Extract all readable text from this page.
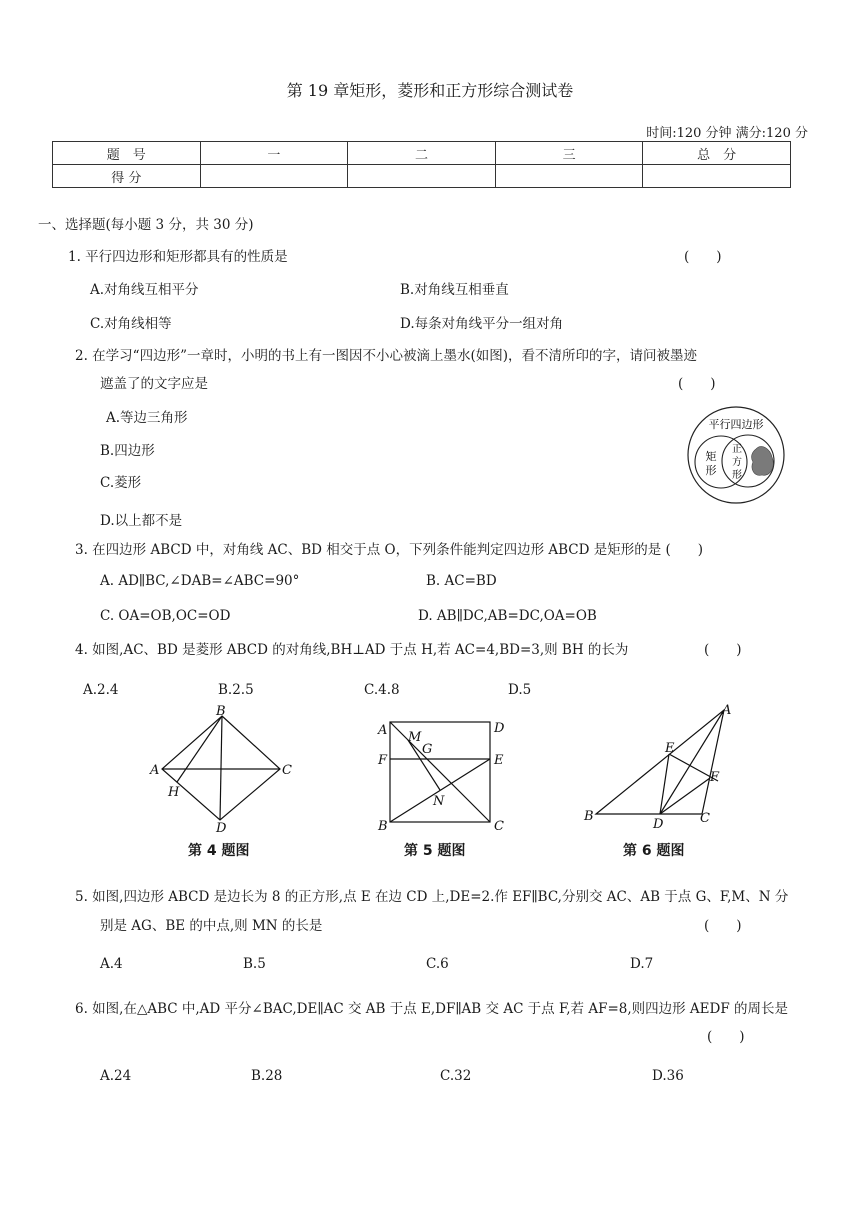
第 19 章矩形，菱形和正方形综合测试卷
时间:120 分钟 满分:120 分
题　号	一	二	三	总　分
得 分				
一、选择题(每小题 3 分，共 30 分)
1. 平行四边形和矩形都具有的性质是	(　　)
A.对角线互相平分	B.对角线互相垂直
C.对角线相等	D.每条对角线平分一组对角
2. 在学习“四边形”一章时，小明的书上有一图因不小心被滴上墨水(如图)，看不清所印的字，请问被墨迹
遮盖了的文字应是	(　　)
A.等边三角形
B.四边形
C.菱形
D.以上都不是
平行四边形
矩
形
正
方
形
3. 在四边形 ABCD 中，对角线 AC、BD 相交于点 O，下列条件能判定四边形 ABCD 是矩形的是 (　　)
A. AD∥BC,∠DAB=∠ABC=90°	B. AC=BD
C. OA=OB,OC=OD	D. AB∥DC,AB=DC,OA=OB
4. 如图,AC、BD 是菱形 ABCD 的对角线,BH⊥AD 于点 H,若 AC=4,BD=3,则 BH 的长为	(　　)
A.2.4	B.2.5	C.4.8	D.5
B
A	C
D
H
第 4 题图
A	D
F	E
M
G
N
B	C
第 5 题图
A
E
F
B
D	C
第 6 题图
5. 如图,四边形 ABCD 是边长为 8 的正方形,点 E 在边 CD 上,DE=2.作 EF∥BC,分别交 AC、AB 于点 G、F,M、N 分
别是 AG、BE 的中点,则 MN 的长是	(　　)
A.4	B.5	C.6	D.7
6. 如图,在△ABC 中,AD 平分∠BAC,DE∥AC 交 AB 于点 E,DF∥AB 交 AC 于点 F,若 AF=8,则四边形 AEDF 的周长是
(　　)
A.24	B.28	C.32	D.36
